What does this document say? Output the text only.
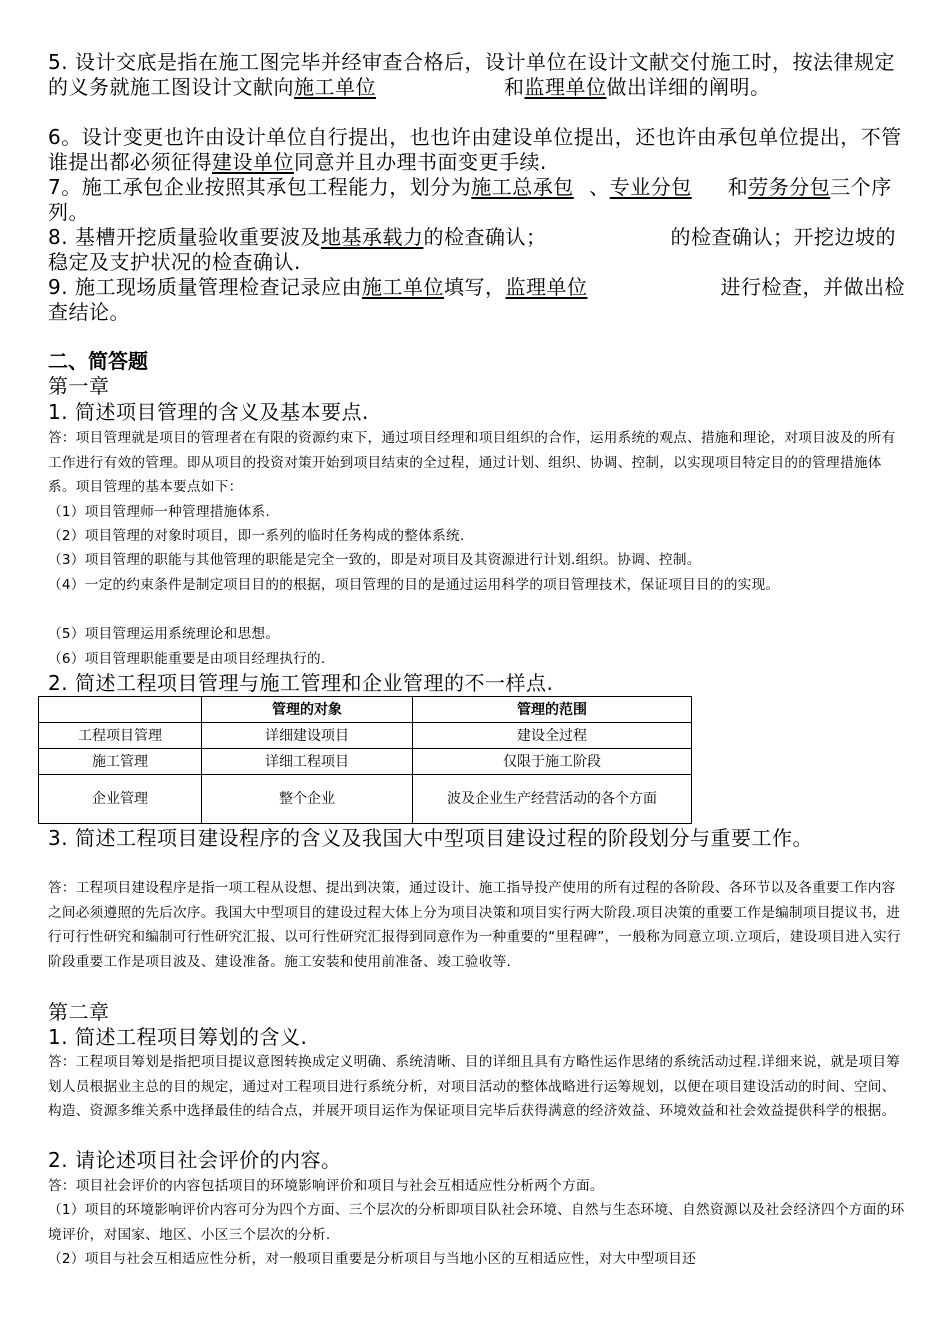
5. 设计交底是指在施工图完毕并经审查合格后，设计单位在设计文献交付施工时，按法律规定的义务就施工图设计文献向施工单位	和监理单位做出详细的阐明。
6。设计变更也许由设计单位自行提出，也也许由建设单位提出，还也许由承包单位提出，不管谁提出都必须征得建设单位同意并且办理书面变更手续.
7。施工承包企业按照其承包工程能力，划分为施工总承包 、专业分包 和劳务分包三个序列。
8. 基槽开挖质量验收重要波及地基承载力的检查确认；	的检查确认；开挖边坡的稳定及支护状况的检查确认.
9. 施工现场质量管理检查记录应由施工单位填写，监理单位	进行检查，并做出检查结论。
二、简答题
第一章
1. 简述项目管理的含义及基本要点.
答：项目管理就是项目的管理者在有限的资源约束下，通过项目经理和项目组织的合作，运用系统的观点、措施和理论，对项目波及的所有工作进行有效的管理。即从项目的投资对策开始到项目结束的全过程，通过计划、组织、协调、控制，以实现项目特定目的的管理措施体系。项目管理的基本要点如下：
（1）项目管理师一种管理措施体系.
（2）项目管理的对象时项目，即一系列的临时任务构成的整体系统.
（3）项目管理的职能与其他管理的职能是完全一致的，即是对项目及其资源进行计划.组织。协调、控制。
（4）一定的约束条件是制定项目目的的根据，项目管理的目的是通过运用科学的项目管理技术，保证项目目的的实现。
（5）项目管理运用系统理论和思想。
（6）项目管理职能重要是由项目经理执行的.
2. 简述工程项目管理与施工管理和企业管理的不一样点.
	管理的对象	管理的范围
工程项目管理	详细建设项目	建设全过程
施工管理	详细工程项目	仅限于施工阶段
企业管理	整个企业	波及企业生产经营活动的各个方面
3. 简述工程项目建设程序的含义及我国大中型项目建设过程的阶段划分与重要工作。
答：工程项目建设程序是指一项工程从设想、提出到决策，通过设计、施工指导投产使用的所有过程的各阶段、各环节以及各重要工作内容之间必须遵照的先后次序。我国大中型项目的建设过程大体上分为项目决策和项目实行两大阶段.项目决策的重要工作是编制项目提议书，进行可行性研究和编制可行性研究汇报、以可行性研究汇报得到同意作为一种重要的“里程碑”，一般称为同意立项.立项后，建设项目进入实行阶段重要工作是项目波及、建设准备。施工安装和使用前准备、竣工验收等.
第二章
1. 简述工程项目筹划的含义.
答：工程项目筹划是指把项目提议意图转换成定义明确、系统清晰、目的详细且具有方略性运作思绪的系统活动过程.详细来说，就是项目筹划人员根据业主总的目的规定，通过对工程项目进行系统分析，对项目活动的整体战略进行运筹规划，以便在项目建设活动的时间、空间、构造、资源多维关系中选择最佳的结合点，并展开项目运作为保证项目完毕后获得满意的经济效益、环境效益和社会效益提供科学的根据。
2. 请论述项目社会评价的内容。
答：项目社会评价的内容包括项目的环境影响评价和项目与社会互相适应性分析两个方面。
（1）项目的环境影响评价内容可分为四个方面、三个层次的分析即项目队社会环境、自然与生态环境、自然资源以及社会经济四个方面的环境评价，对国家、地区、小区三个层次的分析.
（2）项目与社会互相适应性分析，对一般项目重要是分析项目与当地小区的互相适应性，对大中型项目还
